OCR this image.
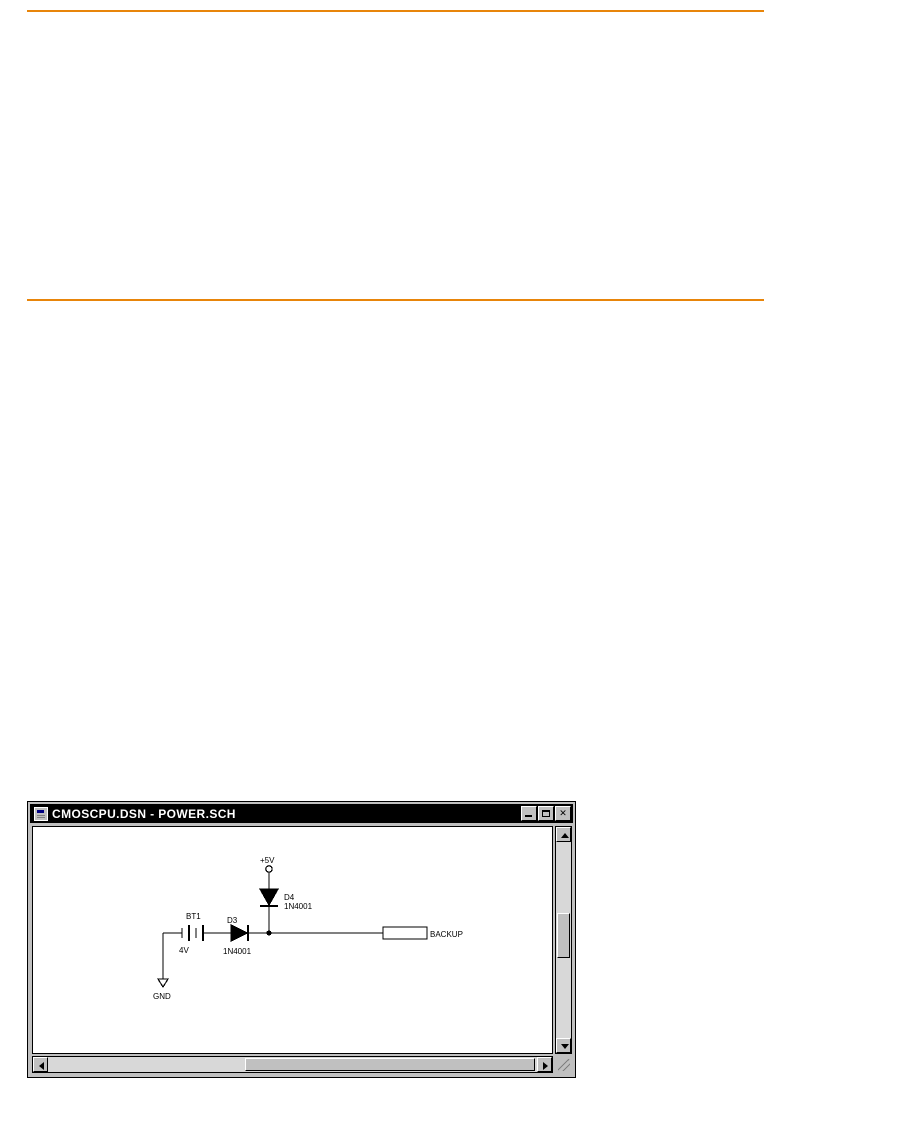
CMOSCPU.DSN - POWER.SCH	✕
+5V
D4
1N4001
BT1
4V
D3
1N4001
GND
BACKUP
